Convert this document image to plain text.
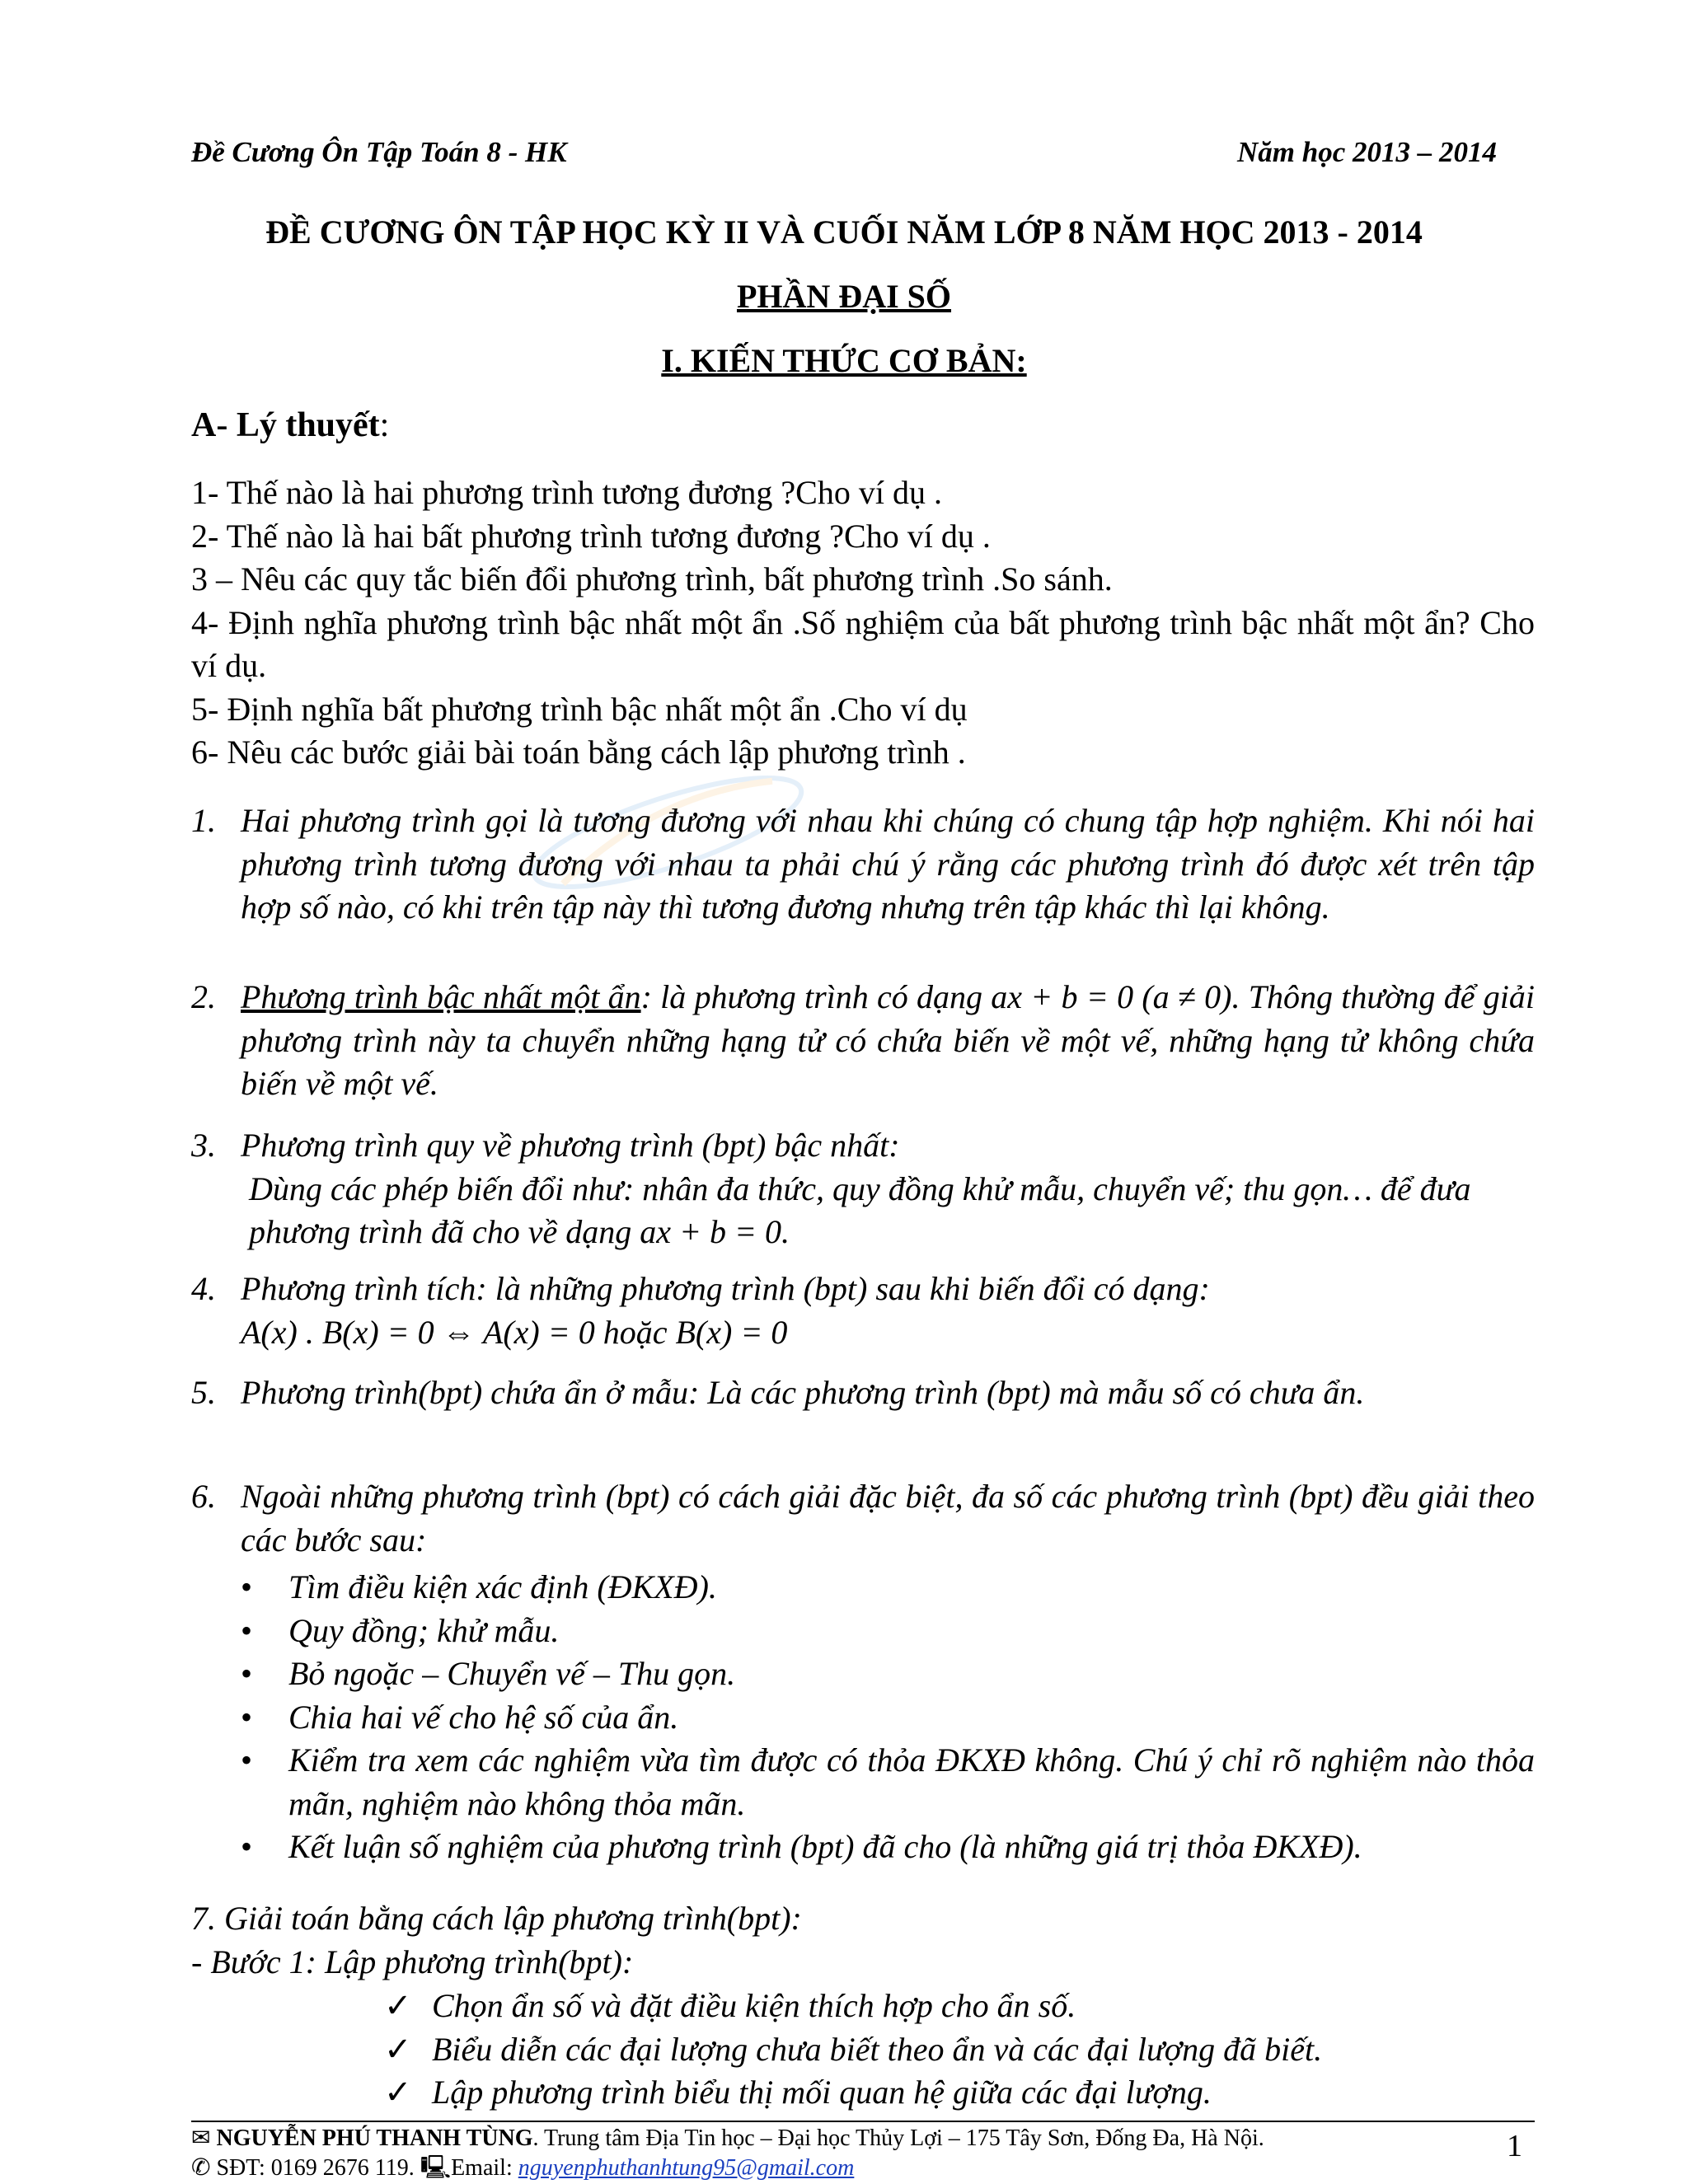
Đề Cương Ôn Tập Toán 8 - HK	Năm học 2013 – 2014
ĐỀ CƯƠNG ÔN TẬP HỌC KỲ II VÀ CUỐI NĂM LỚP 8 NĂM HỌC 2013 - 2014
PHẦN ĐẠI SỐ
I. KIẾN THỨC CƠ BẢN:
A- Lý thuyết:
1- Thế nào là hai phương trình tương đương ?Cho ví dụ .
2- Thế nào là hai bất phương trình tương đương ?Cho ví dụ .
3 – Nêu các quy tắc biến đổi phương trình, bất phương trình .So sánh.
4- Định nghĩa phương trình bậc nhất một ẩn .Số nghiệm của bất phương trình bậc nhất một ẩn? Cho ví dụ.
5- Định nghĩa bất phương trình bậc nhất một ẩn .Cho ví dụ
6- Nêu các bước giải bài toán bằng cách lập phương trình .
1. Hai phương trình gọi là tương đương với nhau khi chúng có chung tập hợp nghiệm. Khi nói hai phương trình tương đương với nhau ta phải chú ý rằng các phương trình đó được xét trên tập hợp số nào, có khi trên tập này thì tương đương nhưng trên tập khác thì lại không.
2. Phương trình bậc nhất một ẩn: là phương trình có dạng ax + b = 0 (a ≠ 0). Thông thường để giải phương trình này ta chuyển những hạng tử có chứa biến về một vế, những hạng tử không chứa biến về một vế.
3. Phương trình quy về phương trình (bpt) bậc nhất:
Dùng các phép biến đổi như: nhân đa thức, quy đồng khử mẫu, chuyển vế; thu gọn… để đưa phương trình đã cho về dạng ax + b = 0.
4. Phương trình tích: là những phương trình (bpt) sau khi biến đổi có dạng:
A(x) . B(x) = 0 ⇔ A(x) = 0 hoặc B(x) = 0
5. Phương trình(bpt) chứa ẩn ở mẫu: Là các phương trình (bpt) mà mẫu số có chưa ẩn.
6. Ngoài những phương trình (bpt) có cách giải đặc biệt, đa số các phương trình (bpt) đều giải theo các bước sau:
• Tìm điều kiện xác định (ĐKXĐ).
• Quy đồng; khử mẫu.
• Bỏ ngoặc – Chuyển vế – Thu gọn.
• Chia hai vế cho hệ số của ẩn.
• Kiểm tra xem các nghiệm vừa tìm được có thỏa ĐKXĐ không. Chú ý chỉ rõ nghiệm nào thỏa mãn, nghiệm nào không thỏa mãn.
• Kết luận số nghiệm của phương trình (bpt) đã cho (là những giá trị thỏa ĐKXĐ).
7. Giải toán bằng cách lập phương trình(bpt):
- Bước 1: Lập phương trình(bpt):
✓ Chọn ẩn số và đặt điều kiện thích hợp cho ẩn số.
✓ Biểu diễn các đại lượng chưa biết theo ẩn và các đại lượng đã biết.
✓ Lập phương trình biểu thị mối quan hệ giữa các đại lượng.
✉ NGUYỄN PHÚ THANH TÙNG. Trung tâm Địa Tin học – Đại học Thủy Lợi – 175 Tây Sơn, Đống Đa, Hà Nội.
✆ SĐT: 0169 2676 119. 🖳Email: nguyenphuthanhtung95@gmail.com
1
